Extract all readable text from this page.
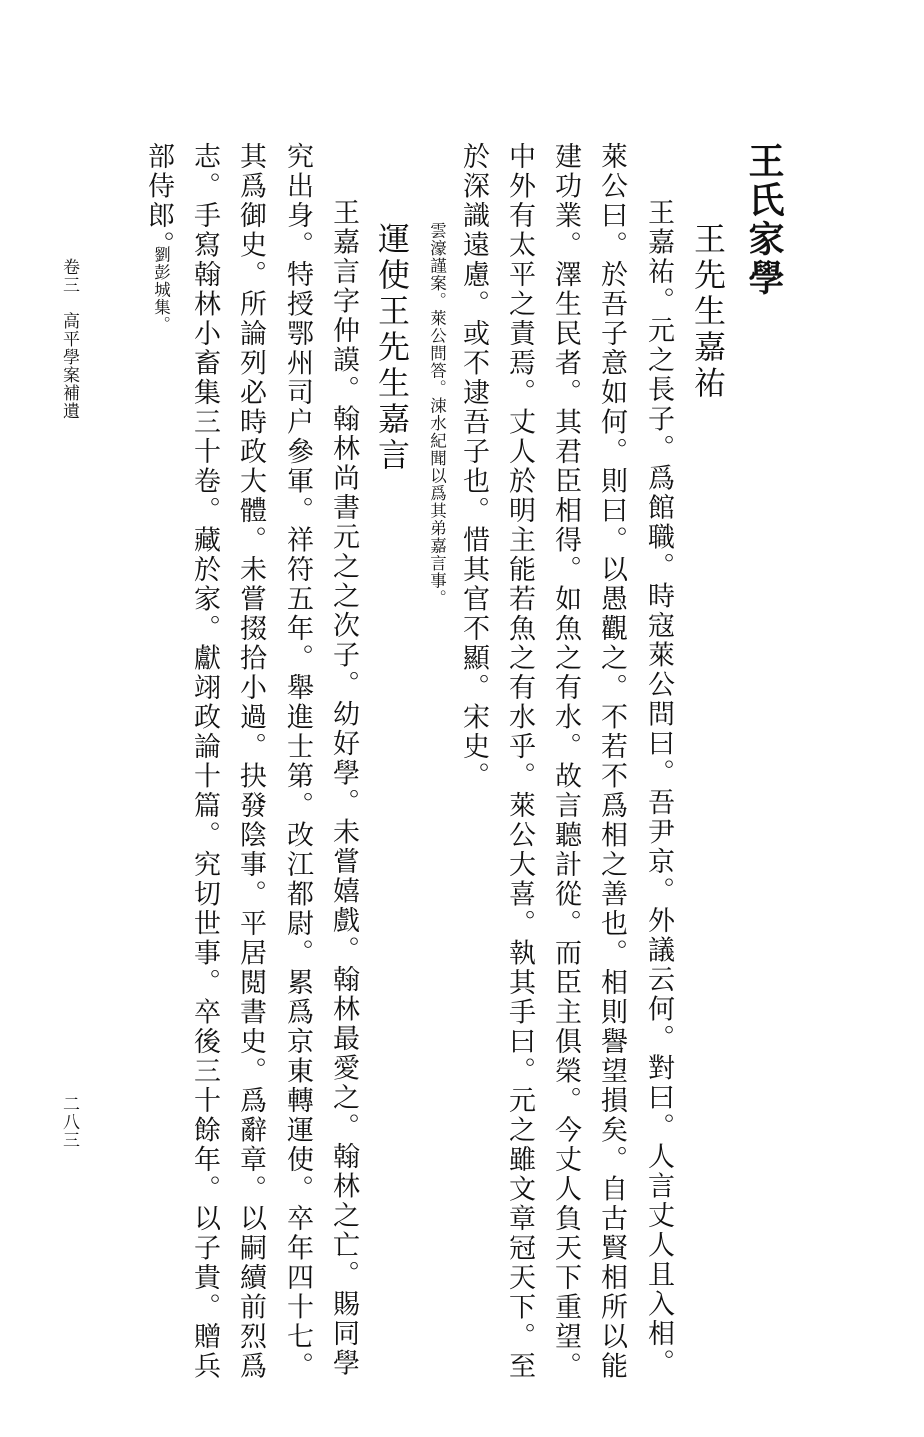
王氏家學
王先生嘉祐
王嘉祐。元之長子。爲館職。時寇萊公問曰。吾尹京。外議云何。對曰。人言丈人且入相。
萊公曰。於吾子意如何。則曰。以愚觀之。不若不爲相之善也。相則譽望損矣。自古賢相所以能
建功業。澤生民者。其君臣相得。如魚之有水。故言聽計從。而臣主俱榮。今丈人負天下重望。
中外有太平之責焉。丈人於明主能若魚之有水乎。萊公大喜。執其手曰。元之雖文章冠天下。至
於深識遠慮。或不逮吾子也。惜其官不顯。宋史。
雲濠謹案。萊公問答。涑水紀聞以爲其弟嘉言事。
運使王先生嘉言
王嘉言字仲謨。翰林尚書元之之次子。幼好學。未嘗嬉戲。翰林最愛之。翰林之亡。賜同學
究出身。特授鄂州司户參軍。祥符五年。舉進士第。改江都尉。累爲京東轉運使。卒年四十七。
其爲御史。所論列必時政大體。未嘗掇拾小過。抉發陰事。平居閲書史。爲辭章。以嗣續前烈爲
志。手寫翰林小畜集三十卷。藏於家。獻翊政論十篇。究切世事。卒後三十餘年。以子貴。贈兵
部侍郎。
劉彭城集。
卷三　高平學案補遺
二八三
